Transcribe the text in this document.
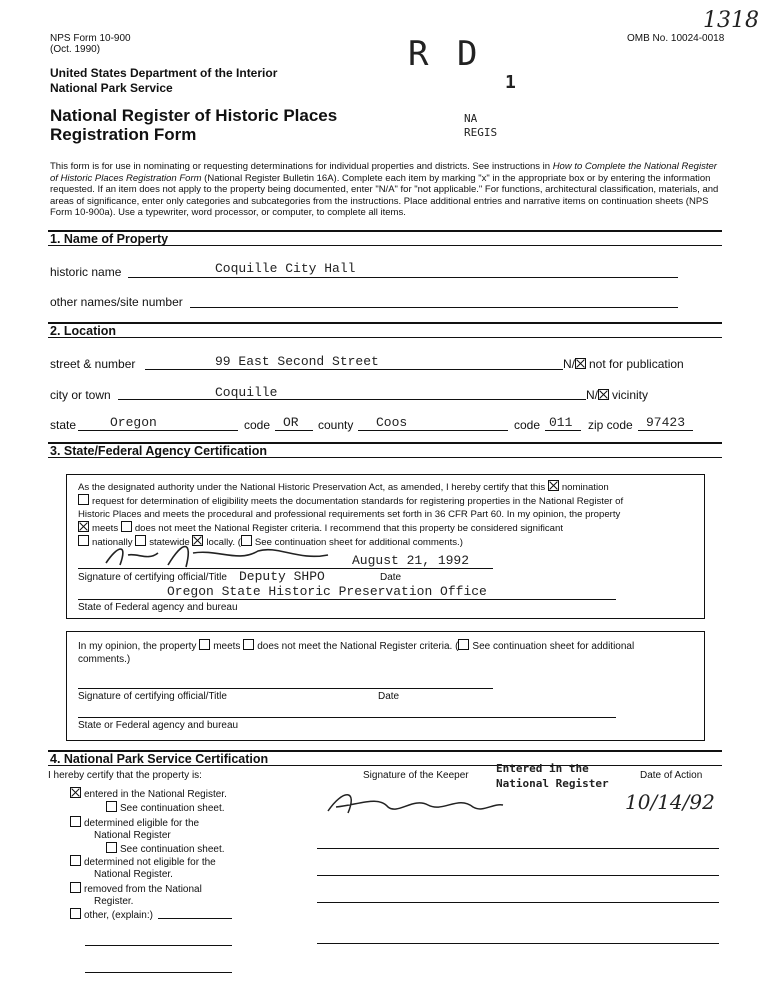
NPS Form 10-900
(Oct. 1990)
OMB No. 10024-0018
1318
R D
1
NA
REGIS
United States Department of the Interior
National Park Service
National Register of Historic Places
Registration Form
This form is for use in nominating or requesting determinations for individual properties and districts. See instructions in How to Complete the National Register of Historic Places Registration Form (National Register Bulletin 16A). Complete each item by marking "x" in the appropriate box or by entering the information requested. If an item does not apply to the property being documented, enter "N/A" for "not applicable." For functions, architectural classification, materials, and areas of significance, enter only categories and subcategories from the instructions. Place additional entries and narrative items on continuation sheets (NPS Form 10-900a). Use a typewriter, word processor, or computer, to complete all items.
1. Name of Property
historic name	Coquille City Hall
other names/site number
2. Location
street & number	99 East Second Street	N/ not for publication
city or town	Coquille	N/ vicinity
state	Oregon	code OR county Coos	code 011 zip code 97423
3. State/Federal Agency Certification
As the designated authority under the National Historic Preservation Act, as amended, I hereby certify that this nomination
request for determination of eligibility meets the documentation standards for registering properties in the National Register of
Historic Places and meets the procedural and professional requirements set forth in 36 CFR Part 60. In my opinion, the property
meets does not meet the National Register criteria. I recommend that this property be considered significant
nationally statewide locally. ( See continuation sheet for additional comments.)
August 21, 1992
Signature of certifying official/Title Deputy SHPO	Date
Oregon State Historic Preservation Office
State of Federal agency and bureau
In my opinion, the property meets does not meet the National Register criteria. ( See continuation sheet for additional
comments.)
Signature of certifying official/Title	Date
State or Federal agency and bureau
4. National Park Service Certification
I hereby certify that the property is:	Signature of the Keeper	Date of Action
Entered in the
National Register
10/14/92
entered in the National Register.
See continuation sheet.
determined eligible for the
National Register
See continuation sheet.
determined not eligible for the
National Register.
removed from the National
Register.
other, (explain:)
